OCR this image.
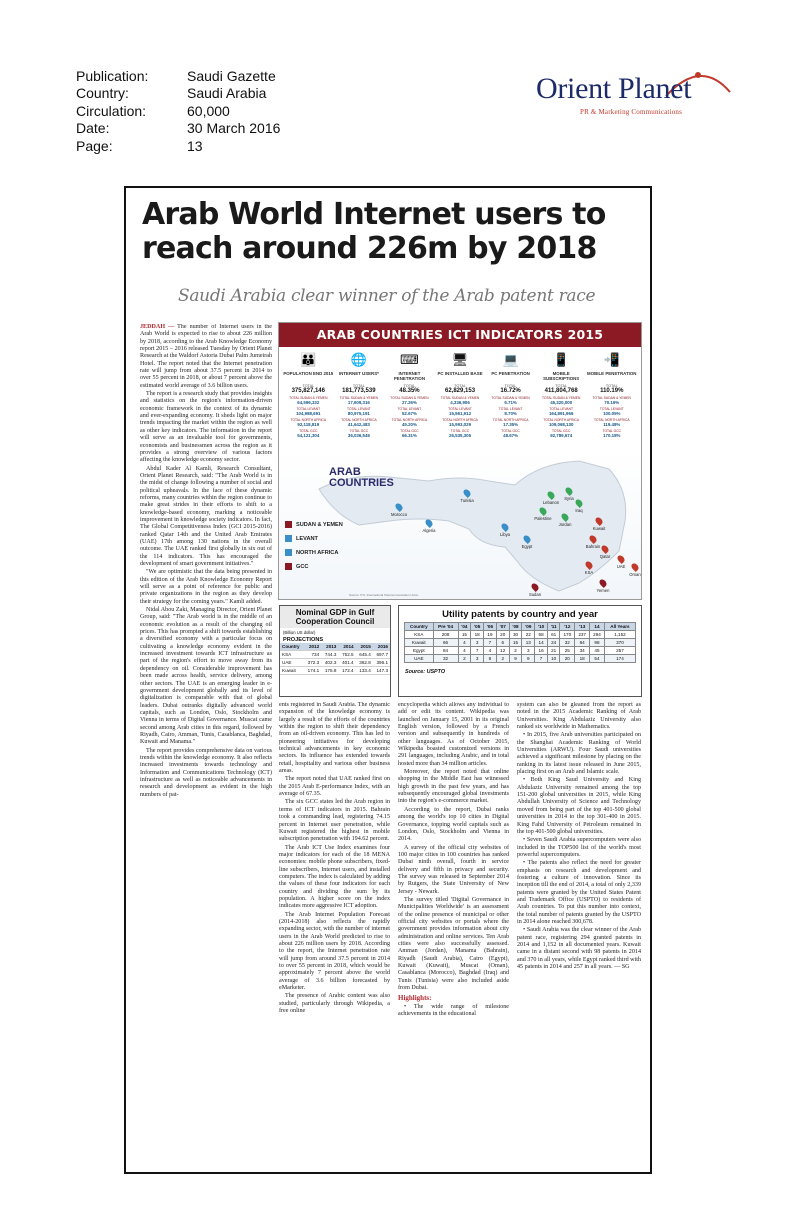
Publication:	Saudi Gazette
Country:	Saudi Arabia
Circulation:	60,000
Date:	30 March 2016
Page:	13
Orient Planet
PR & Marketing Communications
Arab World Internet users to reach around 226m by 2018
Saudi Arabia clear winner of the Arab patent race

JEDDAH — The number of Internet users in the Arab World is expected to rise to about 226 million by 2018, according to the Arab Knowledge Economy report 2015 – 2016 released Tuesday by Orient Planet Research at the Waldorf Astoria Dubai Palm Jumeirah Hotel. The report noted that the Internet penetration rate will jump from about 37.5 percent in 2014 to over 55 percent in 2018, or about 7 percent above the estimated world average of 3.6 billion users.

The report is a research study that provides insights and statistics on the region's information-driven economic framework in the context of its dynamic and ever-expanding economy. It sheds light on major trends impacting the market within the region as well as other key indicators. The information in the report will serve as an invaluable tool for governments, economists and businessmen across the region as it provides a strong overview of various factors affecting the knowledge economy sector.

Abdul Kader Al Kamli, Research Consultant, Orient Planet Research, said: "The Arab World is in the midst of change following a number of social and political upheavals. In the face of these dynamic reforms, many countries within the region continue to make great strides in their efforts to shift to a knowledge-based economy, marking a noticeable improvement in knowledge society indicators. In fact, The Global Competitiveness Index (GCI 2015-2016) ranked Qatar 14th and the United Arab Emirates (UAE) 17th among 130 nations in the overall outcome. The UAE ranked first globally in six out of the 114 indicators. This has encouraged the development of smart government initiatives."

"We are optimistic that the data being presented in this edition of the Arab Knowledge Economy Report will serve as a point of reference for public and private organizations in the region as they develop their strategy for the coming years." Kamli added.

Nidal Abou Zaki, Managing Director, Orient Planet Group, said: "The Arab world is in the middle of an economic evolution as a result of the changing oil prices. This has prompted a shift towards establishing a diversified economy with a particular focus on cultivating a knowledge economy evident in the increased investment towards ICT infrastructure as part of the region's effort to move away from its dependency on oil. Considerable improvement has been made across health, service delivery, among other sectors. The UAE is an emerging leader in e-government development globally and its level of digitalization is comparable with that of global leaders. Dubai outranks digitally advanced world capitals, such as London, Oslo, Stockholm and Vienna in terms of Digital Governance. Muscat came second among Arab cities in this regard, followed by Riyadh, Cairo, Amman, Tunis, Casablanca, Baghdad, Kuwait and Manama."

The report provides comprehensive data on various trends within the knowledge economy. It also reflects increased investments towards technology and Information and Communications Technology (ICT) infrastructure as well as noticeable advancements in research and development as evident in the high numbers of pat-

ARAB COUNTRIES ICT INDICATORS 2015
👪
POPULATION END 2015
TOTAL
375,827,146
TOTAL SUDAN & YEMEN
64,596,332
TOTAL LEVANT
104,988,691
TOTAL NORTH AFRICA
92,118,819
TOTAL GCC
54,121,304
🌐
INTERNET USERS*
TOTAL
181,773,539
TOTAL SUDAN & YEMEN
17,609,316
TOTAL LEVANT
80,975,191
TOTAL NORTH AFRICA
41,642,483
TOTAL GCC
36,036,549
⌨
INTERNET PENETRATION
TOTAL
48.35%
TOTAL SUDAN & YEMEN
27.26%
TOTAL LEVANT
52.67%
TOTAL NORTH AFRICA
45.20%
TOTAL GCC
66.31%
🖥
PC INSTALLED BASE
TOTAL
62,829,153
TOTAL SUDAN & YEMEN
4,336,906
TOTAL LEVANT
15,961,912
TOTAL NORTH AFRICA
15,993,029
TOTAL GCC
26,535,305
💻
PC PENETRATION
TOTAL
16.72%
TOTAL SUDAN & YEMEN
6.71%
TOTAL LEVANT
8.70%
TOTAL NORTH AFRICA
17.35%
TOTAL GCC
48.67%
📱
MOBILE SUBSCRIPTIONS
TOTAL
411,804,768
TOTAL SUDAN & YEMEN
45,320,000
TOTAL LEVANT
164,891,966
TOTAL NORTH AFRICA
109,068,130
TOTAL GCC
92,789,674
📲
MOBILE PENETRATION
TOTAL
110.19%
TOTAL SUDAN & YEMEN
70.16%
TOTAL LEVANT
100.05%
TOTAL NORTH AFRICA
119.48%
TOTAL GCC
170.18%
ARAB
COUNTRIES
SUDAN & YEMEN
LEVANT
NORTH AFRICA
GCC
Morocco
Algeria
Tunisia
Libya
Egypt
Sudan
Lebanon
Palestine
Syria
Iraq
Jordan
Kuwait
Bahrain
Qatar
UAE
Oman
KSA
Yemen
Source: ITU, International Telecommunication Union
Nominal GDP in Gulf Cooperation Council
(Billion US dollar)
PROJECTIONS
Country	2012	2013	2014	2015	2016
KSA	734	744.3	752.5	645.4	697.7
UAE	372.3	402.3	401.4	362.8	396.1
Kuwait	174.1	175.8	172.4	133.4	147.3
Utility patents by country and year
Country	Pre '04	'04	'05	'06	'07	'08	'09	'10	'11	'12	'13	14	All Years
KSA	208	15	18	19	20	30	22	58	61	170	237	294	1,152
Kuwait	66	4	3	7	6	15	13	14	24	32	84	98	370
Egypt	84	4	7	4	12	2	3	16	21	25	34	45	257
UAE	32	2	3	8	2	9	9	7	10	20	18	54	174
Source: USPTO

ents registered in Saudi Arabia. The dynamic expansion of the knowledge economy is largely a result of the efforts of the countries within the region to shift their dependency from an oil-driven economy. This has led to pioneering initiatives for developing technical advancements in key economic sectors. Its influence has extended towards retail, hospitality and various other business areas.

The report noted that UAE ranked first on the 2015 Arab E-performance Index, with an average of 67.35.

The six GCC states led the Arab region in terms of ICT indicators in 2015. Bahrain took a commanding lead, registering 74.15 percent in Internet user penetration, while Kuwait registered the highest in mobile subscription penetration with 194.62 percent.

The Arab ICT Use Index examines four major indicators for each of the 18 MENA economies: mobile phone subscribers, fixed-line subscribers, Internet users, and installed computers. The index is calculated by adding the values of these four indicators for each country and dividing the sum by its population. A higher score on the index indicates more aggressive ICT adoption.

The Arab Internet Population Forecast (2014-2018) also reflects the rapidly expanding sector, with the number of internet users in the Arab World predicted to rise to about 226 million users by 2018. According to the report, the Internet penetration rate will jump from around 37.5 percent in 2014 to over 55 percent in 2018, which would be approximately 7 percent above the world average of 3.6 billion forecasted by eMarketer.

The presence of Arabic content was also studied, particularly through Wikipedia, a free online

encyclopedia which allows any individual to add or edit its content. Wikipedia was launched on January 15, 2001 in its original English version, followed by a French version and subsequently in hundreds of other languages. As of October 2015, Wikipedia boasted customized versions in 291 languages, including Arabic, and in total hosted more than 34 million articles.

Moreover, the report noted that online shopping in the Middle East has witnessed high growth in the past few years, and has subsequently encouraged global investments into the region's e-commerce market.

According to the report, Dubai ranks among the world's top 10 cities in Digital Governance, topping world capitals such as London, Oslo, Stockholm and Vienna in 2014.

A survey of the official city websites of 100 major cities in 100 countries has ranked Dubai ninth overall, fourth in service delivery and fifth in privacy and security. The survey was released in September 2014 by Rutgers, the State University of New Jersey - Newark.

The survey titled 'Digital Governance in Municipalities Worldwide' is an assessment of the online presence of municipal or other official city websites or portals where the government provides information about city administration and online services. Ten Arab cities were also successfully assessed. Amman (Jordan), Manama (Bahrain), Riyadh (Saudi Arabia), Cairo (Egypt), Kuwait (Kuwait), Muscat (Oman), Casablanca (Morocco), Baghdad (Iraq) and Tunis (Tunisia) were also included aside from Dubai.

Highlights:

• The wide range of milestone achievements in the educational

system can also be gleaned from the report as noted in the 2015 Academic Ranking of Arab Universities. King Abdulaziz University also ranked six worldwide in Mathematics.

• In 2015, five Arab universities participated on the Shanghai Academic Ranking of World Universities (ARWU). Four Saudi universities achieved a significant milestone by placing on the ranking in its latest issue released in June 2015, placing first on an Arab and Islamic scale.

• Both King Saud University and King Abdulaziz University remained among the top 151-200 global universities in 2015, while King Abdullah University of Science and Technology moved from being part of the top 401-500 global universities in 2014 to the top 301-400 in 2015. King Fahd University of Petroleum remained in the top 401-500 global universities.

• Seven Saudi Arabia supercomputers were also included in the TOP500 list of the world's most powerful supercomputers.

• The patents also reflect the need for greater emphasis on research and development and fostering a culture of innovation. Since its inception till the end of 2014, a total of only 2,339 patents were granted by the United States Patent and Trademark Office (USPTO) to residents of Arab countries. To put this number into context, the total number of patents granted by the USPTO in 2014 alone reached 300,678.

• Saudi Arabia was the clear winner of the Arab patent race, registering 294 granted patents in 2014 and 1,152 in all documented years. Kuwait came in a distant second with 98 patents in 2014 and 370 in all years, while Egypt ranked third with 45 patents in 2014 and 257 in all years. — SG
